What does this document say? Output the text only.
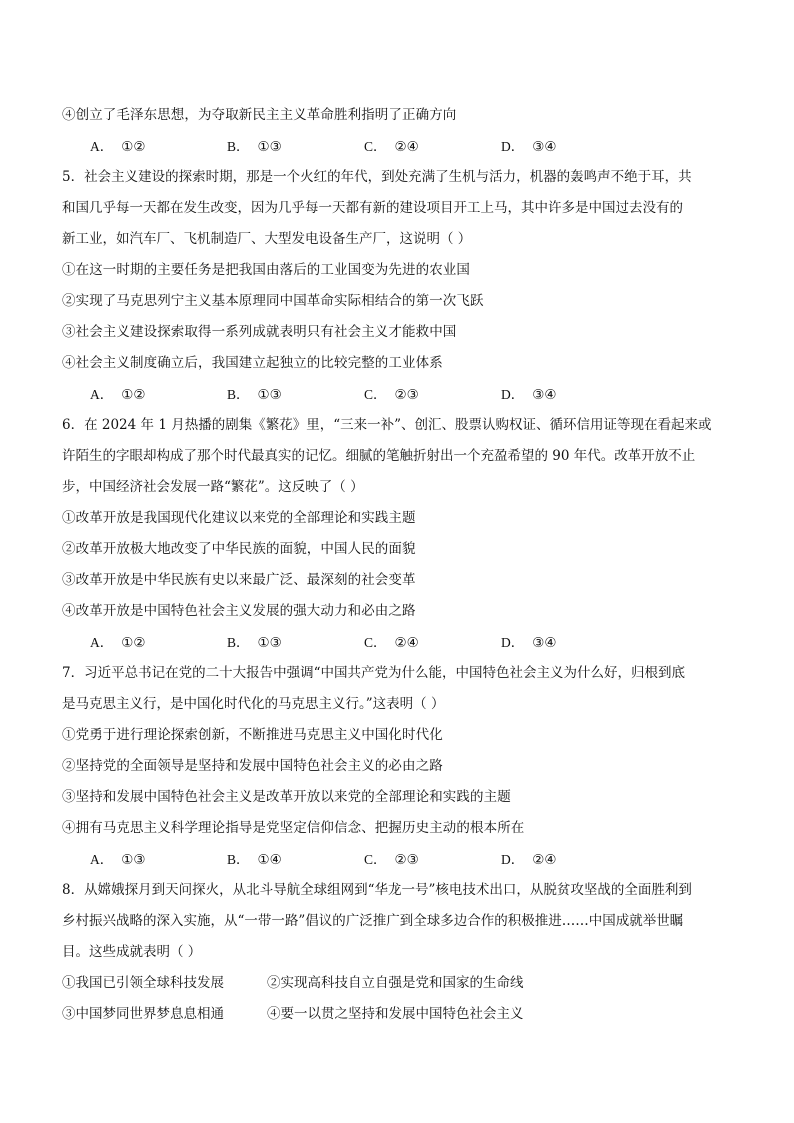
④创立了毛泽东思想，为夺取新民主主义革命胜利指明了正确方向
A． ①②	B． ①③	C． ②④	D． ③④
5．社会主义建设的探索时期，那是一个火红的年代，到处充满了生机与活力，机器的轰鸣声不绝于耳，共
和国几乎每一天都在发生改变，因为几乎每一天都有新的建设项目开工上马，其中许多是中国过去没有的
新工业，如汽车厂、飞机制造厂、大型发电设备生产厂，这说明（ ）
①在这一时期的主要任务是把我国由落后的工业国变为先进的农业国
②实现了马克思列宁主义基本原理同中国革命实际相结合的第一次飞跃
③社会主义建设探索取得一系列成就表明只有社会主义才能救中国
④社会主义制度确立后，我国建立起独立的比较完整的工业体系
A． ①②	B． ①③	C． ②③	D． ③④
6．在 2024 年 1 月热播的剧集《繁花》里，“三来一补”、创汇、股票认购权证、循环信用证等现在看起来或
许陌生的字眼却构成了那个时代最真实的记忆。细腻的笔触折射出一个充盈希望的 90 年代。改革开放不止
步，中国经济社会发展一路“繁花”。这反映了（ ）
①改革开放是我国现代化建议以来党的全部理论和实践主题
②改革开放极大地改变了中华民族的面貌，中国人民的面貌
③改革开放是中华民族有史以来最广泛、最深刻的社会变革
④改革开放是中国特色社会主义发展的强大动力和必由之路
A． ①②	B． ①③	C． ②④	D． ③④
7．习近平总书记在党的二十大报告中强调“中国共产党为什么能，中国特色社会主义为什么好，归根到底
是马克思主义行，是中国化时代化的马克思主义行。”这表明（ ）
①党勇于进行理论探索创新，不断推进马克思主义中国化时代化
②坚持党的全面领导是坚持和发展中国特色社会主义的必由之路
③坚持和发展中国特色社会主义是改革开放以来党的全部理论和实践的主题
④拥有马克思主义科学理论指导是党坚定信仰信念、把握历史主动的根本所在
A． ①③	B． ①④	C． ②③	D． ②④
8．从嫦娥探月到天问探火，从北斗导航全球组网到“华龙一号”核电技术出口，从脱贫攻坚战的全面胜利到
乡村振兴战略的深入实施，从“一带一路”倡议的广泛推广到全球多边合作的积极推进……中国成就举世瞩
目。这些成就表明（ ）
①我国已引领全球科技发展	②实现高科技自立自强是党和国家的生命线
③中国梦同世界梦息息相通	④要一以贯之坚持和发展中国特色社会主义
